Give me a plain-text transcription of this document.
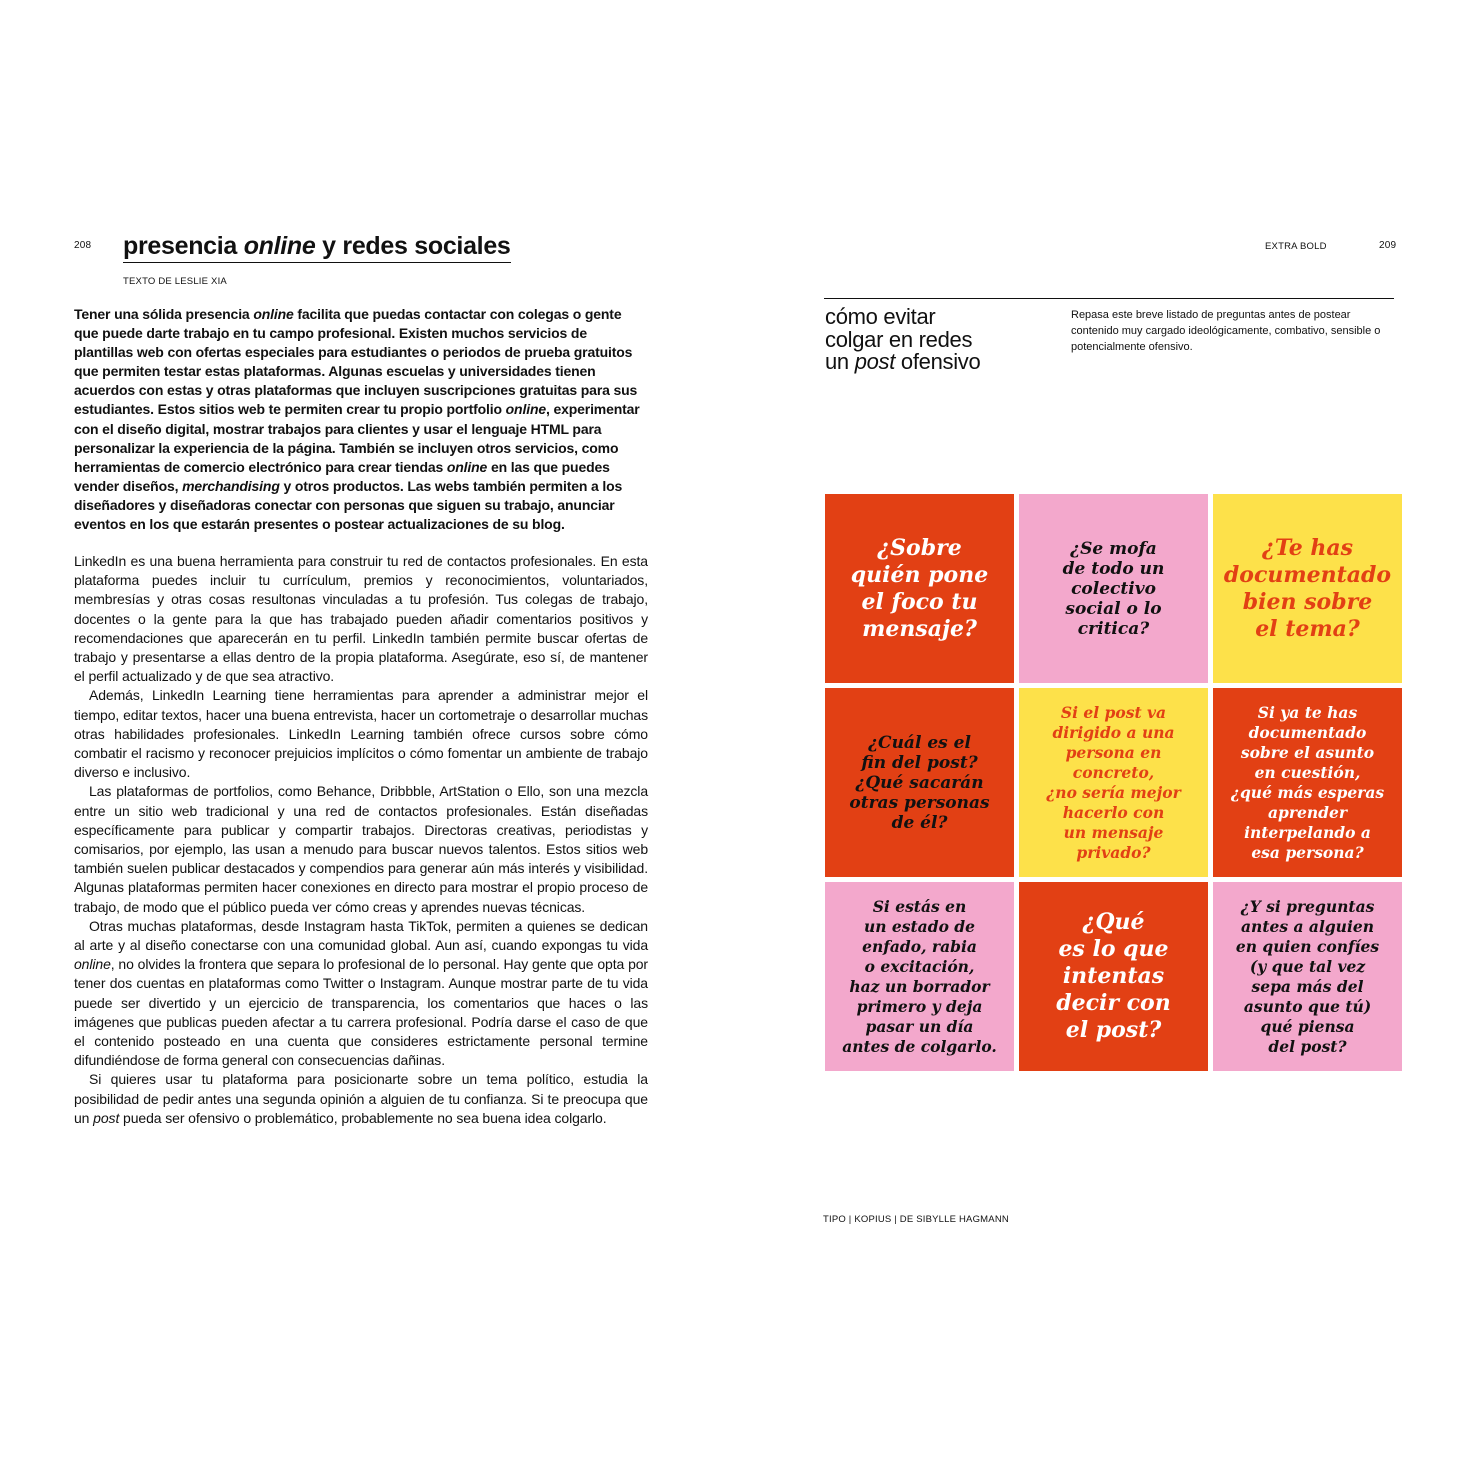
208 presencia online y redes sociales
TEXTO DE LESLIE XIA

Tener una sólida presencia online facilita que puedas contactar con colegas o gente que puede darte trabajo en tu campo profesional. Existen muchos servicios de plantillas web con ofertas especiales para estudiantes o periodos de prueba gratuitos que permiten testar estas plataformas. Algunas escuelas y universidades tienen acuerdos con estas y otras plataformas que incluyen suscripciones gratuitas para sus estudiantes. Estos sitios web te permiten crear tu propio portfolio online, experimentar con el diseño digital, mostrar trabajos para clientes y usar el lenguaje HTML para personalizar la experiencia de la página. También se incluyen otros servicios, como herramientas de comercio electrónico para crear tiendas online en las que puedes vender diseños, merchandising y otros productos. Las webs también permiten a los diseñadores y diseñadoras conectar con personas que siguen su trabajo, anunciar eventos en los que estarán presentes o postear actualizaciones de su blog.

LinkedIn es una buena herramienta para construir tu red de contactos profesionales. En esta plataforma puedes incluir tu currículum, premios y reconocimientos, voluntariados, membresías y otras cosas resultonas vinculadas a tu profesión. Tus colegas de trabajo, docentes o la gente para la que has trabajado pueden añadir comentarios positivos y recomendaciones que aparecerán en tu perfil. LinkedIn también permite buscar ofertas de trabajo y presentarse a ellas dentro de la propia plataforma. Asegúrate, eso sí, de mantener el perfil actualizado y de que sea atractivo.

Además, LinkedIn Learning tiene herramientas para aprender a administrar mejor el tiempo, editar textos, hacer una buena entrevista, hacer un cortometraje o desarrollar muchas otras habilidades profesionales. LinkedIn Learning también ofrece cursos sobre cómo combatir el racismo y reconocer prejuicios implícitos o cómo fomentar un ambiente de trabajo diverso e inclusivo.

Las plataformas de portfolios, como Behance, Dribbble, ArtStation o Ello, son una mezcla entre un sitio web tradicional y una red de contactos profesionales. Están diseñadas específicamente para publicar y compartir trabajos. Directoras creativas, periodistas y comisarios, por ejemplo, las usan a menudo para buscar nuevos talentos. Estos sitios web también suelen publicar destacados y compendios para generar aún más interés y visibilidad. Algunas plataformas permiten hacer conexiones en directo para mostrar el propio proceso de trabajo, de modo que el público pueda ver cómo creas y aprendes nuevas técnicas.

Otras muchas plataformas, desde Instagram hasta TikTok, permiten a quienes se dedican al arte y al diseño conectarse con una comunidad global. Aun así, cuando expongas tu vida online, no olvides la frontera que separa lo profesional de lo personal. Hay gente que opta por tener dos cuentas en plataformas como Twitter o Instagram. Aunque mostrar parte de tu vida puede ser divertido y un ejercicio de transparencia, los comentarios que haces o las imágenes que publicas pueden afectar a tu carrera profesional. Podría darse el caso de que el contenido posteado en una cuenta que consideres estrictamente personal termine difundiéndose de forma general con consecuencias dañinas.

Si quieres usar tu plataforma para posicionarte sobre un tema político, estudia la posibilidad de pedir antes una segunda opinión a alguien de tu confianza. Si te preocupa que un post pueda ser ofensivo o problemático, probablemente no sea buena idea colgarlo.

EXTRA BOLD	209
cómo evitar
colgar en redes
un post ofensivo
Repasa este breve listado de preguntas antes de postear contenido muy cargado ideológicamente, combativo, sensible o potencialmente ofensivo.
¿Sobre
quién pone
el foco tu
mensaje?
¿Se mofa
de todo un
colectivo
social o lo
critica?
¿Te has
documentado
bien sobre
el tema?
¿Cuál es el
fin del post?
¿Qué sacarán
otras personas
de él?
Si el post va
dirigido a una
persona en
concreto,
¿no sería mejor
hacerlo con
un mensaje
privado?
Si ya te has
documentado
sobre el asunto
en cuestión,
¿qué más esperas
aprender
interpelando a
esa persona?
Si estás en
un estado de
enfado, rabia
o excitación,
haz un borrador
primero y deja
pasar un día
antes de colgarlo.
¿Qué
es lo que
intentas
decir con
el post?
¿Y si preguntas
antes a alguien
en quien confíes
(y que tal vez
sepa más del
asunto que tú)
qué piensa
del post?
TIPO | KOPIUS | DE SIBYLLE HAGMANN
